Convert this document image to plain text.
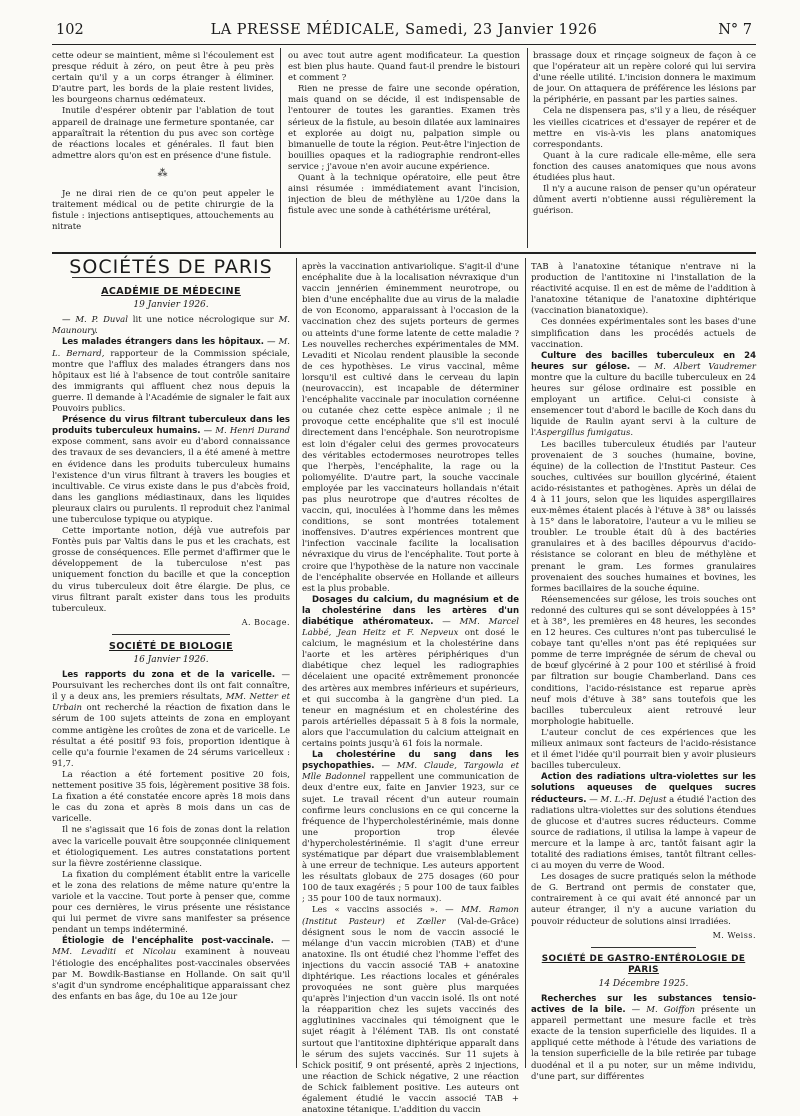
102	LA PRESSE MÉDICALE, Samedi, 23 Janvier 1926	N° 7

cette odeur se maintient, même si l'écoulement est presque réduit à zéro, on peut être à peu près certain qu'il y a un corps étranger à éliminer. D'autre part, les bords de la plaie restent livides, les bourgeons charnus œdémateux.

Inutile d'espérer obtenir par l'ablation de tout appareil de drainage une fermeture spontanée, car apparaîtrait la rétention du pus avec son cortège de réactions locales et générales. Il faut bien admettre alors qu'on est en présence d'une fistule.

⁂

Je ne dirai rien de ce qu'on peut appeler le traitement médical ou de petite chirurgie de la fistule : injections antiseptiques, attouchements au nitrate

ou avec tout autre agent modificateur. La question est bien plus haute. Quand faut-il prendre le bistouri et comment ?

Rien ne presse de faire une seconde opération, mais quand on se décide, il est indispensable de l'entourer de toutes les garanties. Examen très sérieux de la fistule, au besoin dilatée aux laminaires et explorée au doigt nu, palpation simple ou bimanuelle de toute la région. Peut-être l'injection de bouillies opaques et la radiographie rendront-elles service ; j'avoue n'en avoir aucune expérience.

Quant à la technique opératoire, elle peut être ainsi résumée : immédiatement avant l'incision, injection de bleu de méthylène au 1/20e dans la fistule avec une sonde à cathétérisme urétéral,

brassage doux et rinçage soigneux de façon à ce que l'opérateur ait un repère coloré qui lui servira d'une réelle utilité. L'incision donnera le maximum de jour. On attaquera de préférence les lésions par la périphérie, en passant par les parties saines.

Cela ne dispensera pas, s'il y a lieu, de réséquer les vieilles cicatrices et d'essayer de repérer et de mettre en vis-à-vis les plans anatomiques correspondants.

Quant à la cure radicale elle-même, elle sera fonction des causes anatomiques que nous avons étudiées plus haut.

Il n'y a aucune raison de penser qu'un opérateur dûment averti n'obtienne aussi régulièrement la guérison.

SOCIÉTÉS DE PARIS
ACADÉMIE DE MÉDECINE
19 Janvier 1926.

— M. P. Duval lit une notice nécrologique sur M. Maunoury.

Les malades étrangers dans les hôpitaux. — M. L. Bernard, rapporteur de la Commission spéciale, montre que l'afflux des malades étrangers dans nos hôpitaux est lié à l'absence de tout contrôle sanitaire des immigrants qui affluent chez nous depuis la guerre. Il demande à l'Académie de signaler le fait aux Pouvoirs publics.

Présence du virus filtrant tuberculeux dans les produits tuberculeux humains. — M. Henri Durand expose comment, sans avoir eu d'abord connaissance des travaux de ses devanciers, il a été amené à mettre en évidence dans les produits tuberculeux humains l'existence d'un virus filtrant à travers les bougies et incultivable. Ce virus existe dans le pus d'abcès froid, dans les ganglions médiastinaux, dans les liquides pleuraux clairs ou purulents. Il reproduit chez l'animal une tuberculose typique ou atypique.

Cette importante notion, déjà vue autrefois par Fontès puis par Valtis dans le pus et les crachats, est grosse de conséquences. Elle permet d'affirmer que le développement de la tuberculose n'est pas uniquement fonction du bacille et que la conception du virus tuberculeux doit être élargie. De plus, ce virus filtrant paraît exister dans tous les produits tuberculeux.

A. Bocage.
SOCIÉTÉ DE BIOLOGIE
16 Janvier 1926.

Les rapports du zona et de la varicelle. — Poursuivant les recherches dont ils ont fait connaître, il y a deux ans, les premiers résultats, MM. Netter et Urbain ont recherché la réaction de fixation dans le sérum de 100 sujets atteints de zona en employant comme antigène les croûtes de zona et de varicelle. Le résultat a été positif 93 fois, proportion identique à celle qu'a fournie l'examen de 24 sérums varicelleux : 91,7.

La réaction a été fortement positive 20 fois, nettement positive 35 fois, légèrement positive 38 fois. La fixation a été constatée encore après 18 mois dans le cas du zona et après 8 mois dans un cas de varicelle.

Il ne s'agissait que 16 fois de zonas dont la relation avec la varicelle pouvait être soupçonnée cliniquement et étiologiquement. Les autres constatations portent sur la fièvre zostérienne classique.

La fixation du complément établit entre la varicelle et le zona des relations de même nature qu'entre la variole et la vaccine. Tout porte à penser que, comme pour ces dernières, le virus présente une résistance qui lui permet de vivre sans manifester sa présence pendant un temps indéterminé.

Étiologie de l'encéphalite post-vaccinale. — MM. Levaditi et Nicolau examinent à nouveau l'étiologie des encéphalites post-vaccinales observées par M. Bowdik-Bastianse en Hollande. On sait qu'il s'agit d'un syndrome encéphalitique apparaissant chez des enfants en bas âge, du 10e au 12e jour

après la vaccination antivariolique. S'agit-il d'une encéphalite due à la localisation névraxique d'un vaccin jennérien éminemment neurotrope, ou bien d'une encéphalite due au virus de la maladie de von Economo, apparaissant à l'occasion de la vaccination chez des sujets porteurs de germes ou atteints d'une forme latente de cette maladie ? Les nouvelles recherches expérimentales de MM. Levaditi et Nicolau rendent plausible la seconde de ces hypothèses. Le virus vaccinal, même lorsqu'il est cultivé dans le cerveau du lapin (neurovaccin), est incapable de déterminer l'encéphalite vaccinale par inoculation cornéenne ou cutanée chez cette espèce animale ; il ne provoque cette encéphalite que s'il est inoculé directement dans l'encéphale. Son neurotropisme est loin d'égaler celui des germes provocateurs des véritables ectodermoses neurotropes telles que l'herpès, l'encéphalite, la rage ou la poliomyélite. D'autre part, la souche vaccinale employée par les vaccinateurs hollandais n'était pas plus neurotrope que d'autres récoltes de vaccin, qui, inoculées à l'homme dans les mêmes conditions, se sont montrées totalement inoffensives. D'autres expériences montrent que l'infection vaccinale facilite la localisation névraxique du virus de l'encéphalite. Tout porte à croire que l'hypothèse de la nature non vaccinale de l'encéphalite observée en Hollande et ailleurs est la plus probable.

Dosages du calcium, du magnésium et de la cholestérine dans les artères d'un diabétique athéromateux. — MM. Marcel Labbé, Jean Heitz et F. Nepveux ont dosé le calcium, le magnésium et la cholestérine dans l'aorte et les artères périphériques d'un diabétique chez lequel les radiographies décelaient une opacité extrêmement prononcée des artères aux membres inférieurs et supérieurs, et qui succomba à la gangrène d'un pied. La teneur en magnésium et en cholestérine des parois artérielles dépassait 5 à 8 fois la normale, alors que l'accumulation du calcium atteignait en certains points jusqu'à 61 fois la normale.

La cholestérine du sang dans les psychopathies. — MM. Claude, Targowla et Mlle Badonnel rappellent une communication de deux d'entre eux, faite en Janvier 1923, sur ce sujet. Le travail récent d'un auteur roumain confirme leurs conclusions en ce qui concerne la fréquence de l'hypercholestérinémie, mais donne une proportion trop élevée d'hypercholestérinémie. Il s'agit d'une erreur systématique par départ due vraisemblablement à une erreur de technique. Les auteurs apportent les résultats globaux de 275 dosages (60 pour 100 de taux exagérés ; 5 pour 100 de taux faibles ; 35 pour 100 de taux normaux).

Les « vaccins associés ». — MM. Ramon (Institut Pasteur) et Zœller (Val-de-Grâce) désignent sous le nom de vaccin associé le mélange d'un vaccin microbien (TAB) et d'une anatoxine. Ils ont étudié chez l'homme l'effet des injections du vaccin associé TAB + anatoxine diphtérique. Les réactions locales et générales provoquées ne sont guère plus marquées qu'après l'injection d'un vaccin isolé. Ils ont noté la réapparition chez les sujets vaccinés des agglutinines vaccinales qui témoignent que le sujet réagit à l'élément TAB. Ils ont constaté surtout que l'antitoxine diphtérique apparaît dans le sérum des sujets vaccinés. Sur 11 sujets à Schick positif, 9 ont présenté, après 2 injections, une réaction de Schick négative, 2 une réaction de Schick faiblement positive. Les auteurs ont également étudié le vaccin associé TAB + anatoxine tétanique. L'addition du vaccin

TAB à l'anatoxine tétanique n'entrave ni la production de l'antitoxine ni l'installation de la réactivité acquise. Il en est de même de l'addition à l'anatoxine tétanique de l'anatoxine diphtérique (vaccination bianatoxique).

Ces données expérimentales sont les bases d'une simplification dans les procédés actuels de vaccination.

Culture des bacilles tuberculeux en 24 heures sur gélose. — M. Albert Vaudremer montre que la culture du bacille tuberculeux en 24 heures sur gélose ordinaire est possible en employant un artifice. Celui-ci consiste à ensemencer tout d'abord le bacille de Koch dans du liquide de Raulin ayant servi à la culture de l'Aspergillus fumigatus.

Les bacilles tuberculeux étudiés par l'auteur provenaient de 3 souches (humaine, bovine, équine) de la collection de l'Institut Pasteur. Ces souches, cultivées sur bouillon glycériné, étaient acido-résistantes et pathogènes. Après un délai de 4 à 11 jours, selon que les liquides aspergillaires eux-mêmes étaient placés à l'étuve à 38° ou laissés à 15° dans le laboratoire, l'auteur a vu le milieu se troubler. Le trouble était dû à des bactéries granulaires et à des bacilles dépourvus d'acido-résistance se colorant en bleu de méthylène et prenant le gram. Les formes granulaires provenaient des souches humaines et bovines, les formes bacillaires de la souche équine.

Réensemencées sur gélose, les trois souches ont redonné des cultures qui se sont développées à 15° et à 38°, les premières en 48 heures, les secondes en 12 heures. Ces cultures n'ont pas tuberculisé le cobaye tant qu'elles n'ont pas été repiquées sur pomme de terre imprégnée de sérum de cheval ou de bœuf glycériné à 2 pour 100 et stérilisé à froid par filtration sur bougie Chamberland. Dans ces conditions, l'acido-résistance est reparue après neuf mois d'étuve à 38° sans toutefois que les bacilles tuberculeux aient retrouvé leur morphologie habituelle.

L'auteur conclut de ces expériences que les milieux animaux sont facteurs de l'acido-résistance et il émet l'idée qu'il pourrait bien y avoir plusieurs bacilles tuberculeux.

Action des radiations ultra-violettes sur les solutions aqueuses de quelques sucres réducteurs. — M. L.-H. Dejust a étudié l'action des radiations ultra-violettes sur des solutions étendues de glucose et d'autres sucres réducteurs. Comme source de radiations, il utilisa la lampe à vapeur de mercure et la lampe à arc, tantôt faisant agir la totalité des radiations émises, tantôt filtrant celles-ci au moyen du verre de Wood.

Les dosages de sucre pratiqués selon la méthode de G. Bertrand ont permis de constater que, contrairement à ce qui avait été annoncé par un auteur étranger, il n'y a aucune variation du pouvoir réducteur de solutions ainsi irradiées.

M. Weiss.
SOCIÉTÉ DE GASTRO-ENTÉROLOGIE DE PARIS
14 Décembre 1925.

Recherches sur les substances tensio-actives de la bile. — M. Goiffon présente un appareil permettant une mesure facile et très exacte de la tension superficielle des liquides. Il a appliqué cette méthode à l'étude des variations de la tension superficielle de la bile retirée par tubage duodénal et il a pu noter, sur un même individu, d'une part, sur différentes
